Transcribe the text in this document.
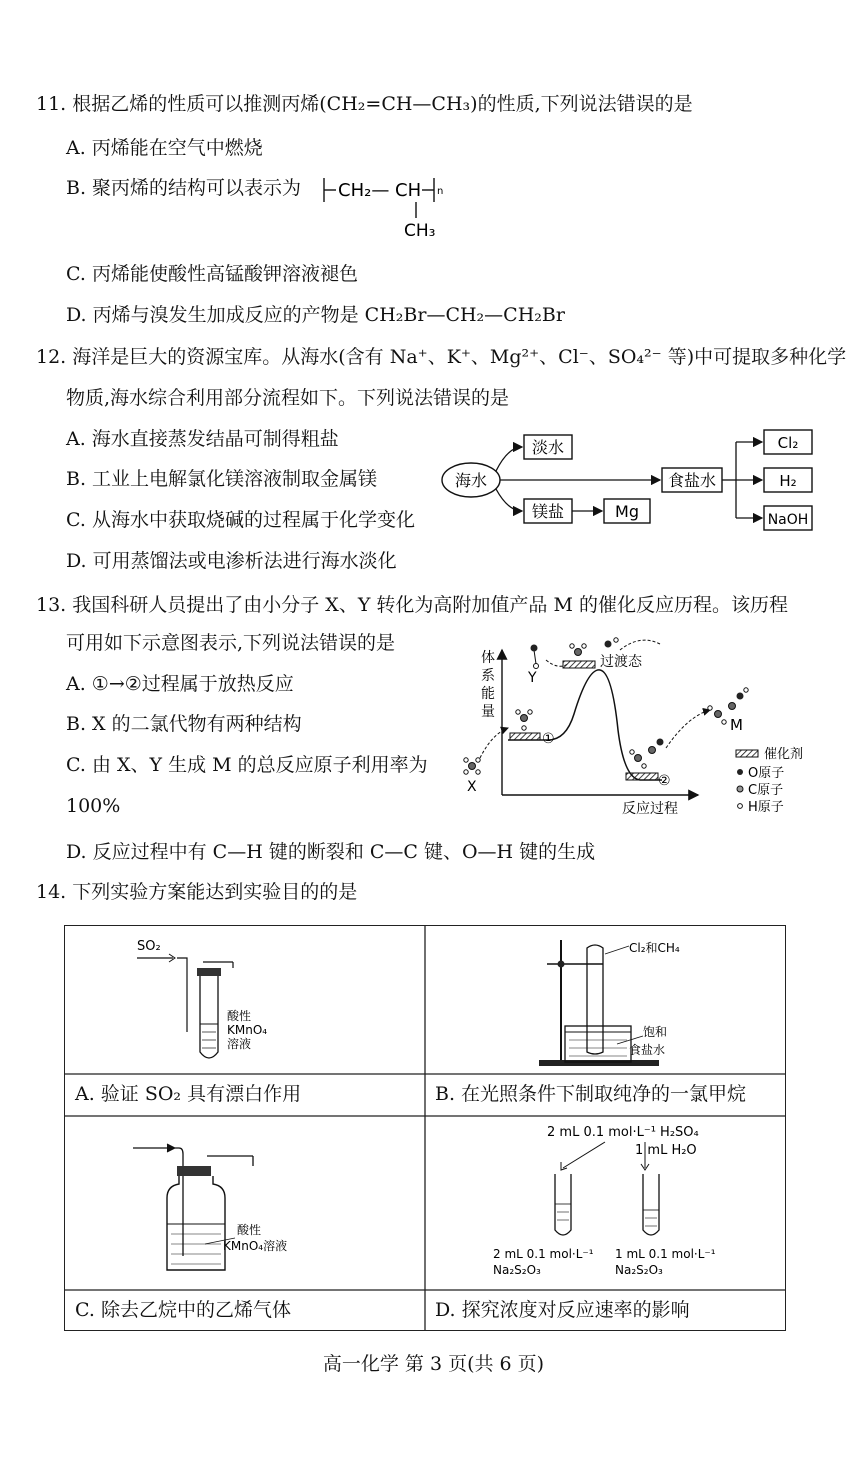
11. 根据乙烯的性质可以推测丙烯(CH₂=CH—CH₃)的性质,下列说法错误的是
A. 丙烯能在空气中燃烧
B. 聚丙烯的结构可以表示为 CH₂— CH n
CH₃
C. 丙烯能使酸性高锰酸钾溶液褪色
D. 丙烯与溴发生加成反应的产物是 CH₂Br—CH₂—CH₂Br
12. 海洋是巨大的资源宝库。从海水(含有 Na⁺、K⁺、Mg²⁺、Cl⁻、SO₄²⁻ 等)中可提取多种化学
物质,海水综合利用部分流程如下。下列说法错误的是
A. 海水直接蒸发结晶可制得粗盐
B. 工业上电解氯化镁溶液制取金属镁
C. 从海水中获取烧碱的过程属于化学变化
D. 可用蒸馏法或电渗析法进行海水淡化
海水
淡水
食盐水
镁盐	Mg
Cl₂
H₂
NaOH
13. 我国科研人员提出了由小分子 X、Y 转化为高附加值产品 M 的催化反应历程。该历程
可用如下示意图表示,下列说法错误的是
A. ①→②过程属于放热反应
B. X 的二氯代物有两种结构
C. 由 X、Y 生成 M 的总反应原子利用率为
100%
D. 反应过程中有 C—H 键的断裂和 C—C 键、O—H 键的生成
体
系
能
量
反应过程
①
过渡态
②
Y
X
M
催化剂
O原子
C原子
H原子
14. 下列实验方案能达到实验目的的是
SO₂
酸性
KMnO₄
溶液
A. 验证 SO₂ 具有漂白作用
Cl₂和CH₄
饱和
食盐水
B. 在光照条件下制取纯净的一氯甲烷
酸性
KMnO₄溶液
C. 除去乙烷中的乙烯气体
2 mL 0.1 mol·L⁻¹ H₂SO₄
1 mL H₂O
2 mL 0.1 mol·L⁻¹
Na₂S₂O₃
1 mL 0.1 mol·L⁻¹
Na₂S₂O₃
D. 探究浓度对反应速率的影响
高一化学 第 3 页(共 6 页)
